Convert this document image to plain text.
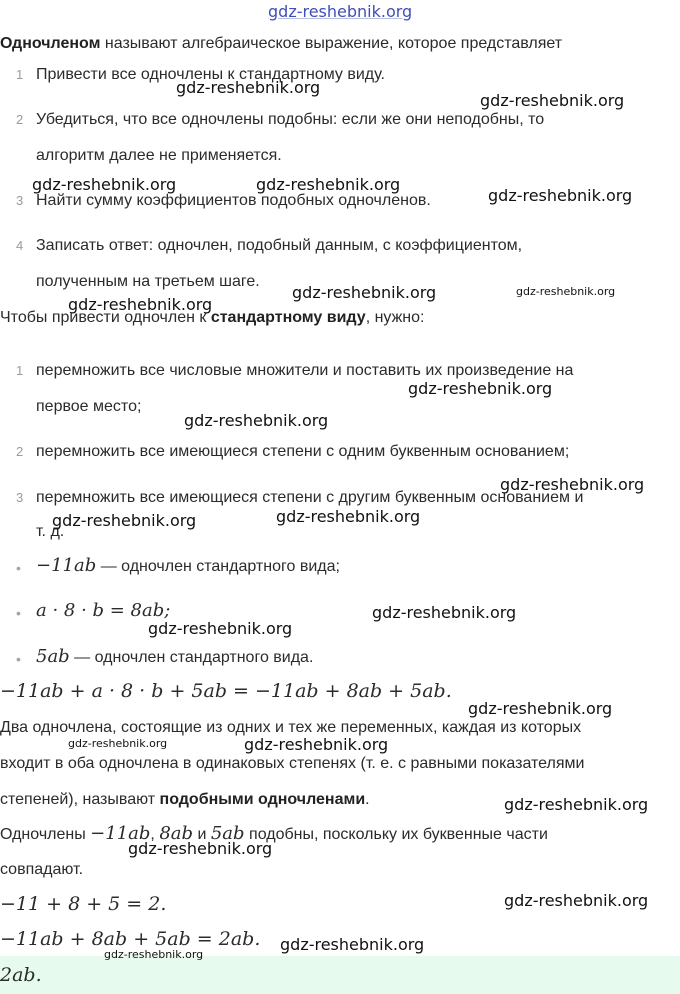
gdz-reshebnik.org
Одночленом называют алгебраическое выражение, которое представляет
1 Привести все одночлены к стандартному виду.
2 Убедиться, что все одночлены подобны: если же они неподобны, то
алгоритм далее не применяется.
3 Найти сумму коэффициентов подобных одночленов.
4 Записать ответ: одночлен, подобный данным, с коэффициентом,
полученным на третьем шаге.
Чтобы привести одночлен к стандартному виду, нужно:
1 перемножить все числовые множители и поставить их произведение на
первое место;
2 перемножить все имеющиеся степени с одним буквенным основанием;
3 перемножить все имеющиеся степени с другим буквенным основанием и
т. д.
• −11ab — одночлен стандартного вида;
• a · 8 · b = 8ab;
• 5ab — одночлен стандартного вида.
−11ab + a · 8 · b + 5ab = −11ab + 8ab + 5ab.
Два одночлена, состоящие из одних и тех же переменных, каждая из которых
входит в оба одночлена в одинаковых степенях (т. е. с равными показателями
степеней), называют подобными одночленами.
Одночлены −11ab, 8ab и 5ab подобны, поскольку их буквенные части
совпадают.
−11 + 8 + 5 = 2.
−11ab + 8ab + 5ab = 2ab.
2ab.
gdz-reshebnik.org
gdz-reshebnik.org
gdz-reshebnik.org	gdz-reshebnik.org
gdz-reshebnik.org
gdz-reshebnik.org	gdz-reshebnik.org
gdz-reshebnik.org
gdz-reshebnik.org
gdz-reshebnik.org
gdz-reshebnik.org
gdz-reshebnik.org
gdz-reshebnik.org
gdz-reshebnik.org
gdz-reshebnik.org
gdz-reshebnik.org
gdz-reshebnik.org	gdz-reshebnik.org
gdz-reshebnik.org
gdz-reshebnik.org
gdz-reshebnik.org
gdz-reshebnik.org
gdz-reshebnik.org
